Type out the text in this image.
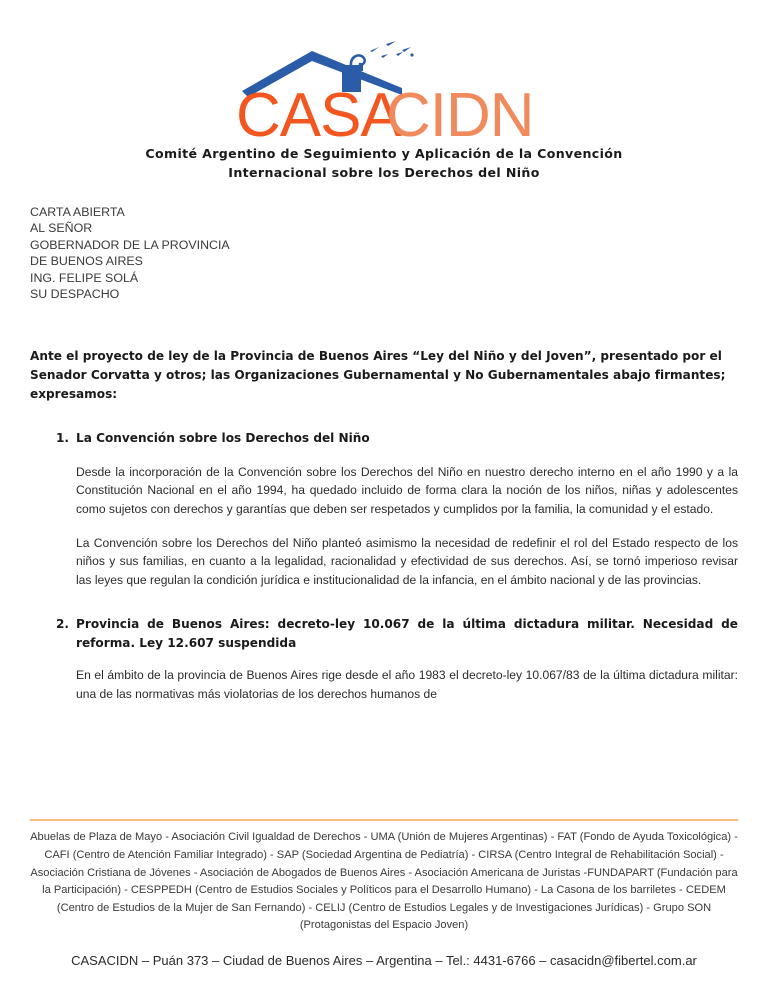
CASA
CIDN
Comité Argentino de Seguimiento y Aplicación de la Convención
Internacional sobre los Derechos del Niño
CARTA ABIERTA
AL SEÑOR
GOBERNADOR DE LA PROVINCIA
DE BUENOS AIRES
ING. FELIPE SOLÁ
SU DESPACHO
Ante el proyecto de ley de la Provincia de Buenos Aires “Ley del Niño y del Joven”, presentado por el Senador Corvatta y otros; las Organizaciones Gubernamental y No Gubernamentales abajo firmantes; expresamos:
1. La Convención sobre los Derechos del Niño
Desde la incorporación de la Convención sobre los Derechos del Niño en nuestro derecho interno en el año 1990 y a la Constitución Nacional en el año 1994, ha quedado incluido de forma clara la noción de los niños, niñas y adolescentes como sujetos con derechos y garantías que deben ser respetados y cumplidos por la familia, la comunidad y el estado.
La Convención sobre los Derechos del Niño planteó asimismo la necesidad de redefinir el rol del Estado respecto de los niños y sus familias, en cuanto a la legalidad, racionalidad y efectividad de sus derechos. Así, se tornó imperioso revisar las leyes que regulan la condición jurídica e institucionalidad de la infancia, en el ámbito nacional y de las provincias.
2. Provincia de Buenos Aires: decreto-ley 10.067 de la última dictadura militar. Necesidad de reforma. Ley 12.607 suspendida
En el ámbito de la provincia de Buenos Aires rige desde el año 1983 el decreto-ley 10.067/83 de la última dictadura militar: una de las normativas más violatorias de los derechos humanos de
Abuelas de Plaza de Mayo - Asociación Civil Igualdad de Derechos - UMA (Unión de Mujeres Argentinas) - FAT (Fondo de Ayuda Toxicológica) - CAFI (Centro de Atención Familiar Integrado) - SAP (Sociedad Argentina de Pediatría) - CIRSA (Centro Integral de Rehabilitación Social) - Asociación Cristiana de Jóvenes - Asociación de Abogados de Buenos Aires - Asociación Americana de Juristas -FUNDAPART (Fundación para la Participación) - CESPPEDH (Centro de Estudios Sociales y Políticos para el Desarrollo Humano) - La Casona de los barriletes - CEDEM (Centro de Estudios de la Mujer de San Fernando) - CELIJ (Centro de Estudios Legales y de Investigaciones Jurídicas) - Grupo SON (Protagonistas del Espacio Joven)
CASACIDN – Puán 373 – Ciudad de Buenos Aires – Argentina – Tel.: 4431-6766 – casacidn@fibertel.com.ar
